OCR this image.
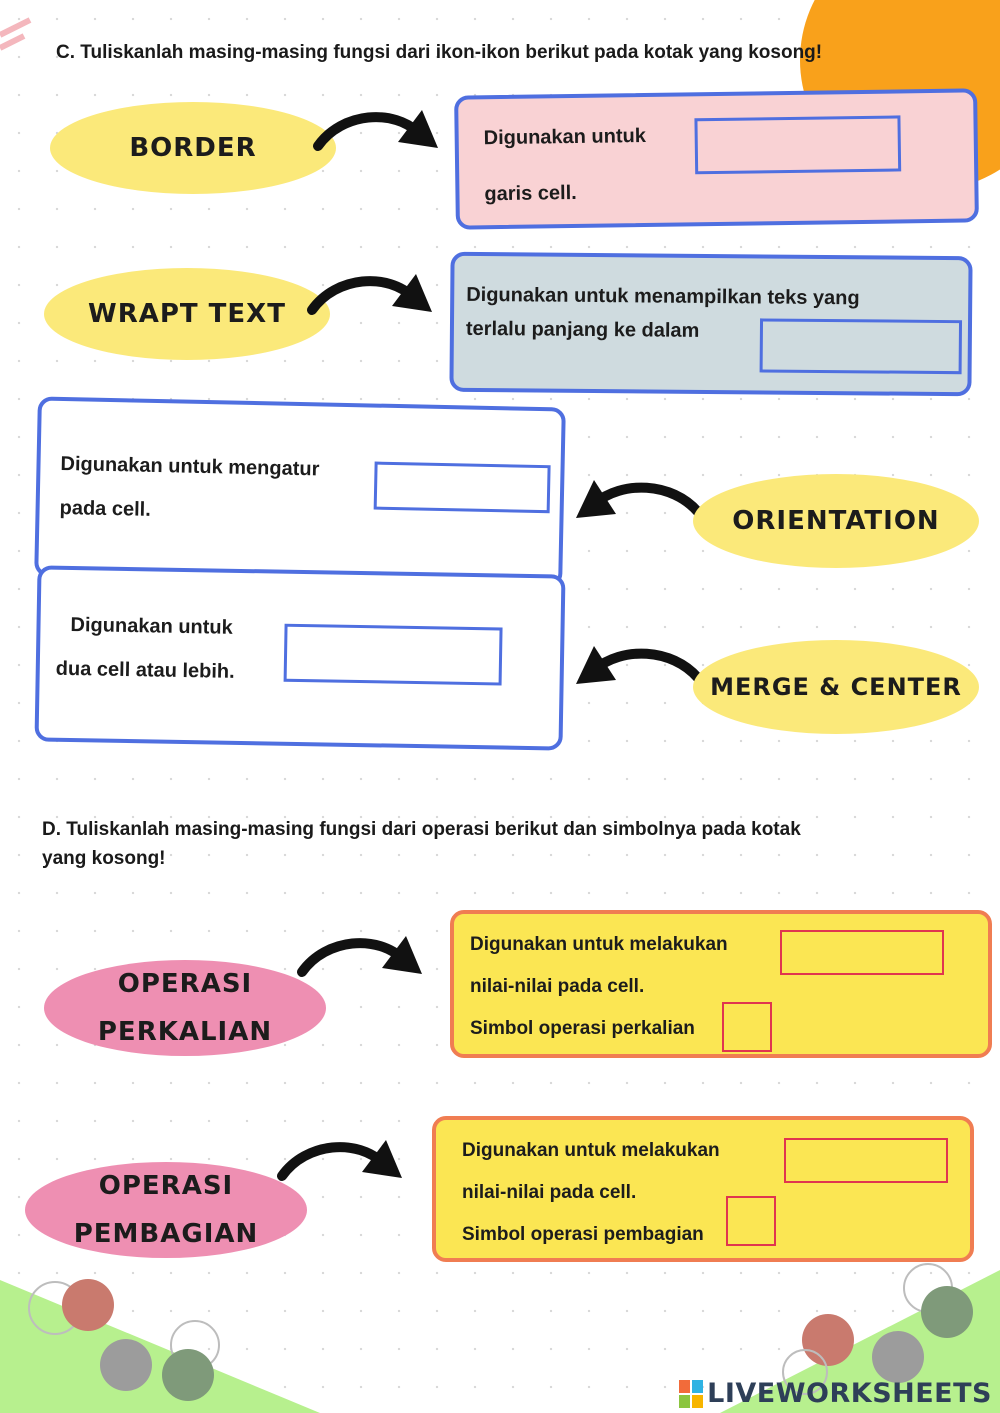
C. Tuliskanlah masing-masing fungsi dari ikon-ikon berikut pada kotak yang kosong!
BORDER	Digunakan untuk
garis cell.
WRAPT TEXT
Digunakan untuk menampilkan teks yang
terlalu panjang ke dalam
Digunakan untuk mengatur
pada cell.	ORIENTATION
Digunakan untuk
dua cell atau lebih.
MERGE & CENTER
D. Tuliskanlah masing-masing fungsi dari operasi berikut dan simbolnya pada kotak
yang kosong!
OPERASI
PERKALIAN
Digunakan untuk melakukan
nilai-nilai pada cell.
Simbol operasi perkalian
OPERASI
PEMBAGIAN
Digunakan untuk melakukan
nilai-nilai pada cell.
Simbol operasi pembagian
LIVEWORKSHEETS
